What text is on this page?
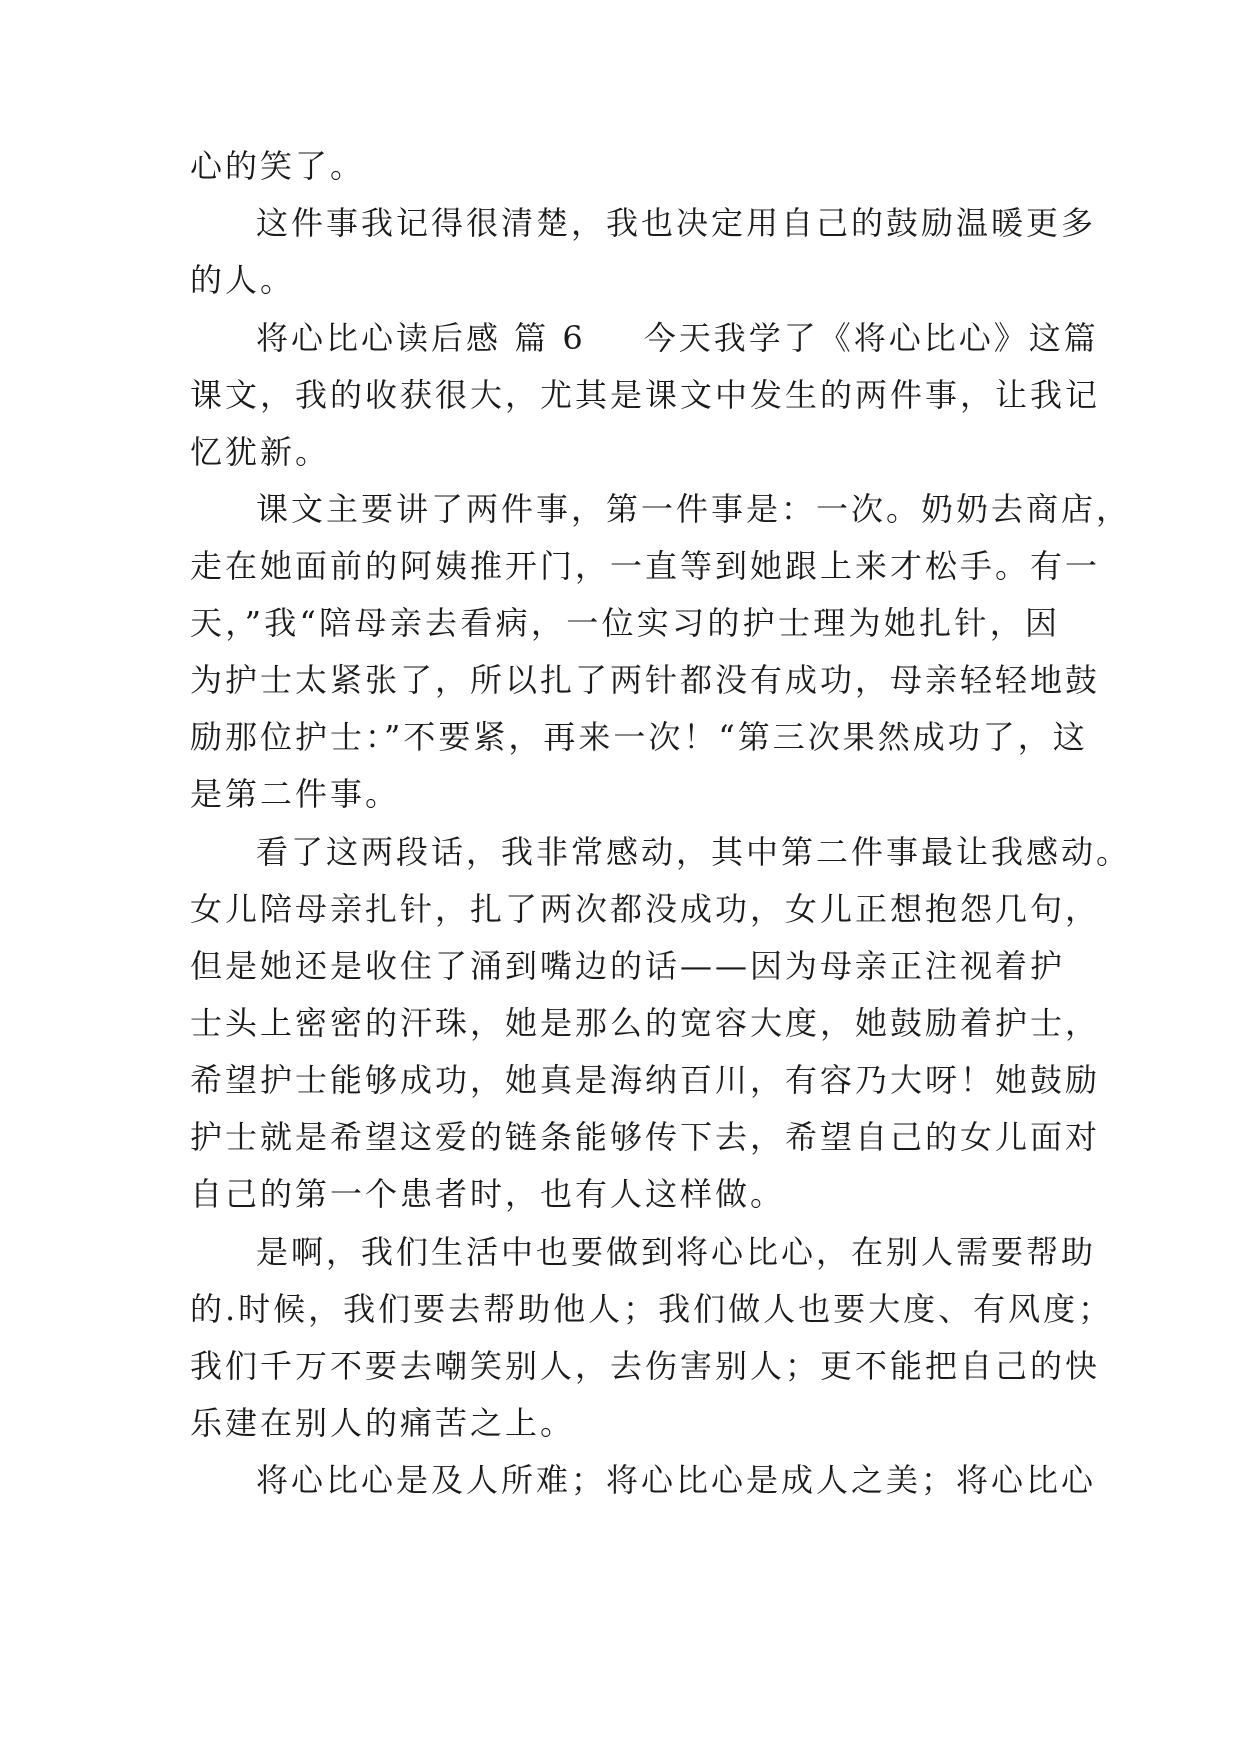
心的笑了。
这件事我记得很清楚，我也决定用自己的鼓励温暖更多
的人。
将心比心读后感 篇 6 今天我学了《将心比心》这篇
课文，我的收获很大，尤其是课文中发生的两件事，让我记
忆犹新。
课文主要讲了两件事，第一件事是：一次。奶奶去商店，
走在她面前的阿姨推开门，一直等到她跟上来才松手。有一
天，”我“陪母亲去看病，一位实习的护士理为她扎针，因
为护士太紧张了，所以扎了两针都没有成功，母亲轻轻地鼓
励那位护士：”不要紧，再来一次！“第三次果然成功了，这
是第二件事。
看了这两段话，我非常感动，其中第二件事最让我感动。
女儿陪母亲扎针，扎了两次都没成功，女儿正想抱怨几句，
但是她还是收住了涌到嘴边的话——因为母亲正注视着护
士头上密密的汗珠，她是那么的宽容大度，她鼓励着护士，
希望护士能够成功，她真是海纳百川，有容乃大呀！她鼓励
护士就是希望这爱的链条能够传下去，希望自己的女儿面对
自己的第一个患者时，也有人这样做。
是啊，我们生活中也要做到将心比心，在别人需要帮助
的.时候，我们要去帮助他人；我们做人也要大度、有风度；
我们千万不要去嘲笑别人，去伤害别人；更不能把自己的快
乐建在别人的痛苦之上。
将心比心是及人所难；将心比心是成人之美；将心比心
